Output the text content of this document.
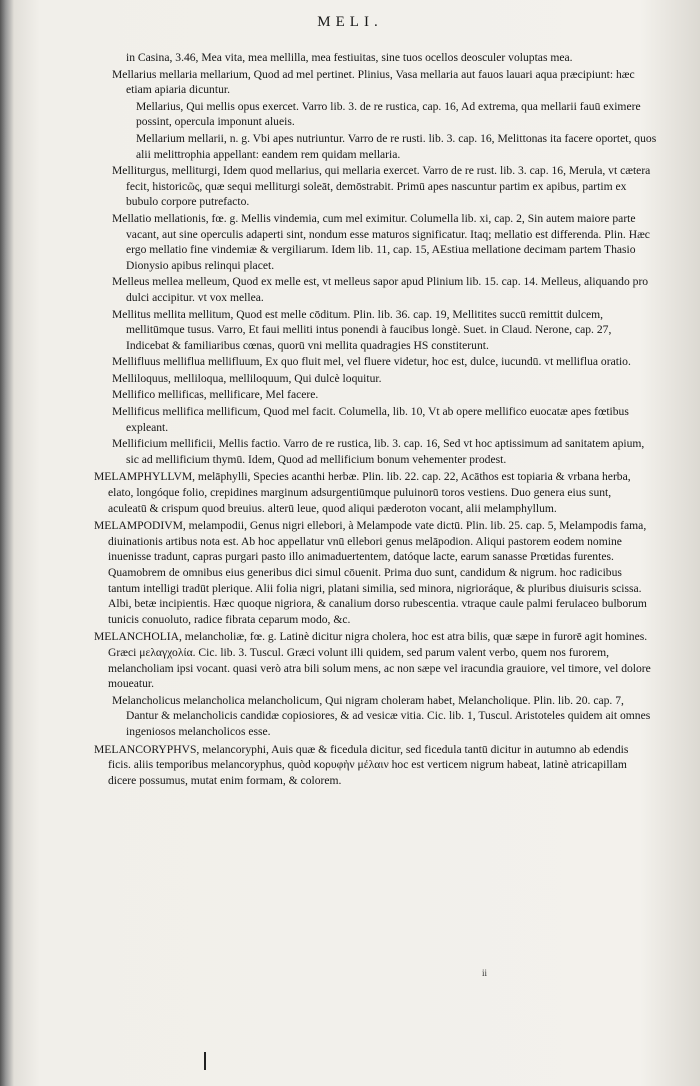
MELI.

in Casina, 3.46, Mea vita, mea mellilla, mea festiuitas, sine tuos ocellos deosculer voluptas mea.

Mellarius mellaria mellarium, Quod ad mel pertinet. Plinius, Vasa mellaria aut fauos lauari aqua præcipiunt: hæc etiam apiaria dicuntur.

Mellarius, Qui mellis opus exercet. Varro lib. 3. de re rustica, cap. 16, Ad extrema, qua mellarii fauū eximere possint, opercula imponunt alueis.

Mellarium mellarii, n. g. Vbi apes nutriuntur. Varro de re rusti. lib. 3. cap. 16, Melittonas ita facere oportet, quos alii melittrophia appellant: eandem rem quidam mellaria.

Melliturgus, melliturgi, Idem quod mellarius, qui mellaria exercet. Varro de re rust. lib. 3. cap. 16, Merula, vt cætera fecit, historicῶς, quæ sequi melliturgi soleāt, demōstrabit. Primū apes nascuntur partim ex apibus, partim ex bubulo corpore putrefacto.

Mellatio mellationis, fœ. g. Mellis vindemia, cum mel eximitur. Columella lib. xi, cap. 2, Sin autem maiore parte vacant, aut sine operculis adaperti sint, nondum esse maturos significatur. Itaq; mellatio est differenda. Plin. Hæc ergo mellatio fine vindemiæ & vergiliarum. Idem lib. 11, cap. 15, AEstiua mellatione decimam partem Thasio Dionysio apibus relinqui placet.

Melleus mellea melleum, Quod ex melle est, vt melleus sapor apud Plinium lib. 15. cap. 14. Melleus, aliquando pro dulci accipitur. vt vox mellea.

Mellitus mellita mellitum, Quod est melle cōditum. Plin. lib. 36. cap. 19, Mellitites succū remittit dulcem, mellitūmque tusus. Varro, Et faui melliti intus ponendi à faucibus longè. Suet. in Claud. Nerone, cap. 27, Indicebat & familiaribus cœnas, quorū vni mellita quadragies HS constiterunt.

Mellifluus melliflua mellifluum, Ex quo fluit mel, vel fluere videtur, hoc est, dulce, iucundū. vt melliflua oratio.

Melliloquus, melliloqua, melliloquum, Qui dulcè loquitur.

Mellifico mellificas, mellificare, Mel facere.

Mellificus mellifica mellificum, Quod mel facit. Columella, lib. 10, Vt ab opere mellifico euocatæ apes fœtibus expleant.

Mellificium mellificii, Mellis factio. Varro de re rustica, lib. 3. cap. 16, Sed vt hoc aptissimum ad sanitatem apium, sic ad mellificium thymū. Idem, Quod ad mellificium bonum vehementer prodest.

MELAMPHYLLVM, melāphylli, Species acanthi herbæ. Plin. lib. 22. cap. 22, Acāthos est topiaria & vrbana herba, elato, longóque folio, crepidines marginum adsurgentiūmque puluinorū toros vestiens. Duo genera eius sunt, aculeatū & crispum quod breuius. alterū leue, quod aliqui pæderoton vocant, alii melamphyllum.

MELAMPODIVM, melampodii, Genus nigri ellebori, à Melampode vate dictū. Plin. lib. 25. cap. 5, Melampodis fama, diuinationis artibus nota est. Ab hoc appellatur vnū ellebori genus melāpodion. Aliqui pastorem eodem nomine inuenisse tradunt, capras purgari pasto illo animaduertentem, datóque lacte, earum sanasse Prœtidas furentes. Quamobrem de omnibus eius generibus dici simul cōuenit. Prima duo sunt, candidum & nigrum. hoc radicibus tantum intelligi tradūt plerique. Alii folia nigri, platani similia, sed minora, nigrioráque, & pluribus diuisuris scissa. Albi, betæ incipientis. Hæc quoque nigriora, & canalium dorso rubescentia. vtraque caule palmi ferulaceo bulborum tunicis conuoluto, radice fibrata ceparum modo, &c.

MELANCHOLIA, melancholiæ, fœ. g. Latinè dicitur nigra cholera, hoc est atra bilis, quæ sæpe in furorē agit homines. Græci μελαγχολία. Cic. lib. 3. Tuscul. Græci volunt illi quidem, sed parum valent verbo, quem nos furorem, melancholiam ipsi vocant. quasi verò atra bili solum mens, ac non sæpe vel iracundia grauiore, vel timore, vel dolore moueatur.

Melancholicus melancholica melancholicum, Qui nigram choleram habet, Melancholique. Plin. lib. 20. cap. 7, Dantur & melancholicis candidæ copiosiores, & ad vesicæ vitia. Cic. lib. 1, Tuscul. Aristoteles quidem ait omnes ingeniosos melancholicos esse.

MELANCORYPHVS, melancoryphi, Auis quæ & ficedula dicitur, sed ficedula tantū dicitur in autumno ab edendis ficis. aliis temporibus melancoryphus, quòd κορυφὴν μέλαιν hoc est verticem nigrum habeat, latinè atricapillam dicere possumus, mutat enim formam, & colorem.

ii
